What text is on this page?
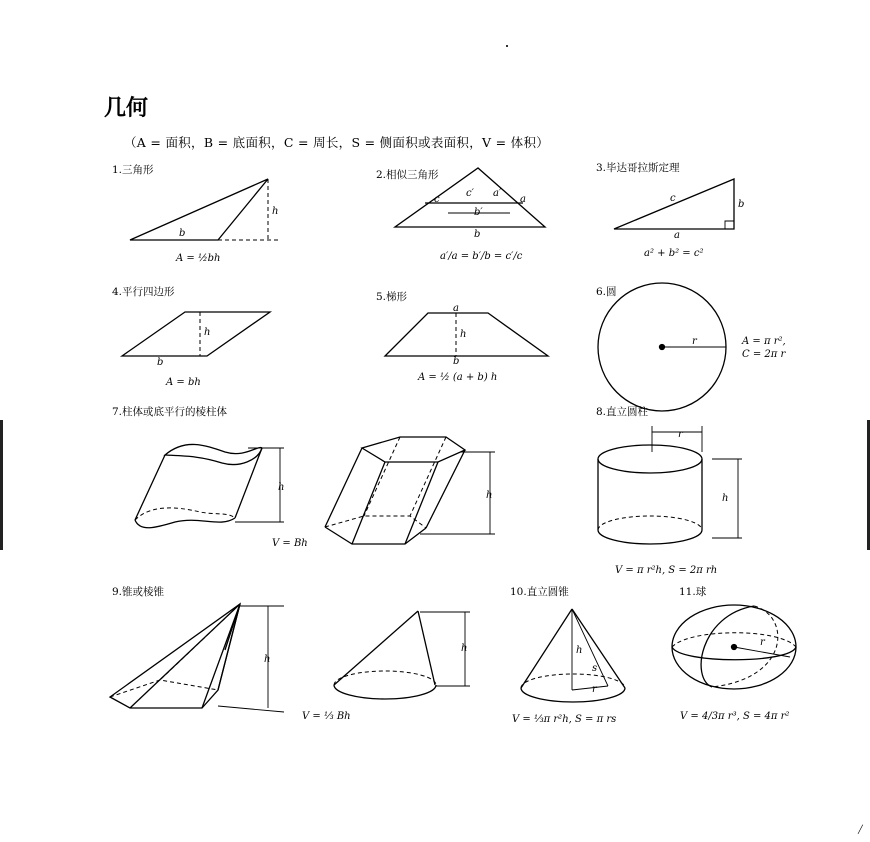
几何
（A = 面积，B = 底面积，C = 周长，S = 侧面积或表面积，V = 体积）
1.三角形	2.相似三角形
3.毕达哥拉斯定理
4.平行四边形	5.梯形	6.圆
7.柱体或底平行的棱柱体	8.直立圆柱
9.锥或棱锥	10.直立圆锥	11.球
A = ½bh	a′/a = b′/b = c′/c	a² + b² = c²
A = bh	A = ½ (a + b) h
A = π r²,
C = 2π r
V = Bh
V = π r²h, S = 2π rh
V = ⅓ Bh	V = ⅓π r²h, S = π rs	V = 4/3π r³, S = 4π r²
b
h
c
c′ a′
a
b′
b
c
b
a
h
b
a
h
b
r
h
h
r
h
h
h	h
s
r
r
╱
